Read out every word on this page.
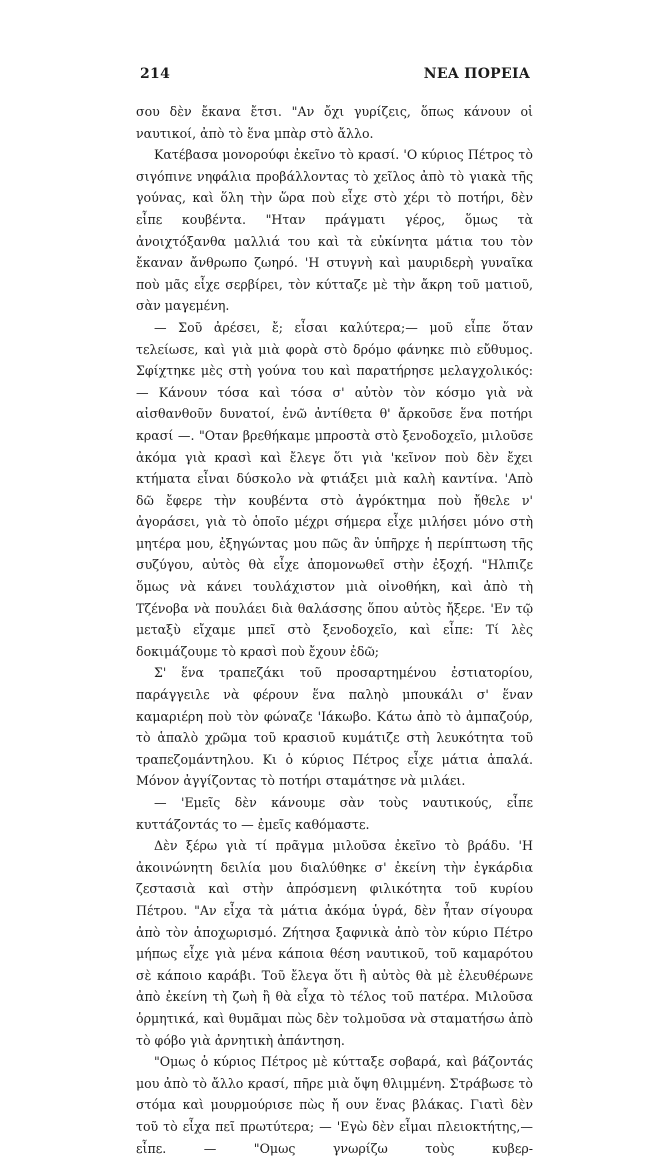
214	ΝΕΑ ΠΟΡΕΙΑ

σου δὲν ἔκανα ἔτσι. "Αν ὄχι γυρίζεις, ὅπως κάνουν οἱ ναυτικοί, ἀπὸ τὸ ἕνα μπὰρ στὸ ἄλλο.

Κατέβασα μονορούφι ἐκεῖνο τὸ κρασί. 'Ο κύριος Πέτρος τὸ σιγόπινε νηφάλια προβάλλοντας τὸ χεῖλος ἀπὸ τὸ γιακὰ τῆς γούνας, καὶ ὅλη τὴν ὥρα ποὺ εἶχε στὸ χέρι τὸ ποτήρι, δὲν εἶπε κουβέντα. "Ηταν πράγματι γέρος, ὅμως τὰ ἀνοιχτόξανθα μαλλιά του καὶ τὰ εὐκίνητα μάτια του τὸν ἔκαναν ἄνθρωπο ζωηρό. 'Η στυγνὴ καὶ μαυριδερὴ γυναῖκα ποὺ μᾶς εἶχε σερβίρει, τὸν κύτταζε μὲ τὴν ἄκρη τοῦ ματιοῦ, σὰν μαγεμένη.

— Σοῦ ἀρέσει, ἔ; εἶσαι καλύτερα;— μοῦ εἶπε ὅταν τελείωσε, καὶ γιὰ μιὰ φορὰ στὸ δρόμο φάνηκε πιὸ εὔθυμος. Σφίχτηκε μὲς στὴ γούνα του καὶ παρατήρησε μελαγχολικός: — Κάνουν τόσα καὶ τόσα σ' αὐτὸν τὸν κόσμο γιὰ νὰ αἰσθανθοῦν δυνατοί, ἐνῶ ἀντίθετα θ' ἄρκοῦσε ἕνα ποτήρι κρασί —. "Οταν βρεθήκαμε μπροστὰ στὸ ξενοδοχεῖο, μιλοῦσε ἀκόμα γιὰ κρασὶ καὶ ἔλεγε ὅτι γιὰ 'κεῖνον ποὺ δὲν ἔχει κτήματα εἶναι δύσκολο νὰ φτιάξει μιὰ καλὴ καντίνα. 'Απὸ δῶ ἔφερε τὴν κουβέντα στὸ ἀγρόκτημα ποὺ ἤθελε ν' ἀγοράσει, γιὰ τὸ ὁποῖο μέχρι σήμερα εἶχε μιλήσει μόνο στὴ μητέρα μου, ἐξηγώντας μου πῶς ἂν ὑπῆρχε ἡ περίπτωση τῆς συζύγου, αὐτὸς θὰ εἶχε ἀπομονωθεῖ στὴν ἐξοχή. "Ηλπιζε ὅμως νὰ κάνει τουλάχιστον μιὰ οἰνοθήκη, καὶ ἀπὸ τὴ Τζένοβα νὰ πουλάει διὰ θαλάσσης ὅπου αὐτὸς ἤξερε. 'Εν τῷ μεταξὺ εἴχαμε μπεῖ στὸ ξενοδοχεῖο, καὶ εἶπε: Τί λὲς δοκιμάζουμε τὸ κρασὶ ποὺ ἔχουν ἐδῶ;

Σ' ἕνα τραπεζάκι τοῦ προσαρτημένου ἐστιατορίου, παράγγειλε νὰ φέρουν ἕνα παληὸ μπουκάλι σ' ἕναν καμαριέρη ποὺ τὸν φώναζε 'Ιάκωβο. Κάτω ἀπὸ τὸ ἀμπαζούρ, τὸ ἁπαλὸ χρῶμα τοῦ κρασιοῦ κυμάτιζε στὴ λευκότητα τοῦ τραπεζομάντηλου. Κι ὁ κύριος Πέτρος εἶχε μάτια ἁπαλά. Μόνον ἀγγίζοντας τὸ ποτήρι σταμάτησε νὰ μιλάει.

— 'Εμεῖς δὲν κάνουμε σὰν τοὺς ναυτικούς, εἶπε κυττάζοντάς το — ἐμεῖς καθόμαστε.

Δὲν ξέρω γιὰ τί πρᾶγμα μιλοῦσα ἐκεῖνο τὸ βράδυ. 'Η ἀκοινώνητη δειλία μου διαλύθηκε σ' ἐκείνη τὴν ἐγκάρδια ζεστασιὰ καὶ στὴν ἀπρόσμενη φιλικότητα τοῦ κυρίου Πέτρου. "Αν εἶχα τὰ μάτια ἀκόμα ὑγρά, δὲν ἦταν σίγουρα ἀπὸ τὸν ἀποχωρισμό. Ζήτησα ξαφνικὰ ἀπὸ τὸν κύριο Πέτρο μήπως εἶχε γιὰ μένα κάποια θέση ναυτικοῦ, τοῦ καμαρότου σὲ κάποιο καράβι. Τοῦ ἔλεγα ὅτι ἢ αὐτὸς θὰ μὲ ἐλευθέρωνε ἀπὸ ἐκείνη τὴ ζωὴ ἢ θὰ εἶχα τὸ τέλος τοῦ πατέρα. Μιλοῦσα ὁρμητικά, καὶ θυμᾶμαι πὼς δὲν τολμοῦσα νὰ σταματήσω ἀπὸ τὸ φόβο γιὰ ἀρνητικὴ ἀπάντηση.

"Ομως ὁ κύριος Πέτρος μὲ κύτταξε σοβαρά, καὶ βάζοντάς μου ἀπὸ τὸ ἄλλο κρασί, πῆρε μιὰ ὄψη θλιμμένη. Στράβωσε τὸ στόμα καὶ μουρμούρισε πὼς ἤ ουν ἕνας βλάκας. Γιατὶ δὲν τοῦ τὸ εἶχα πεῖ πρωτύτερα; — 'Εγὼ δὲν εἶμαι πλειοκτήτης,—εἶπε. — "Ομως γνωρίζω τοὺς κυβερ-
